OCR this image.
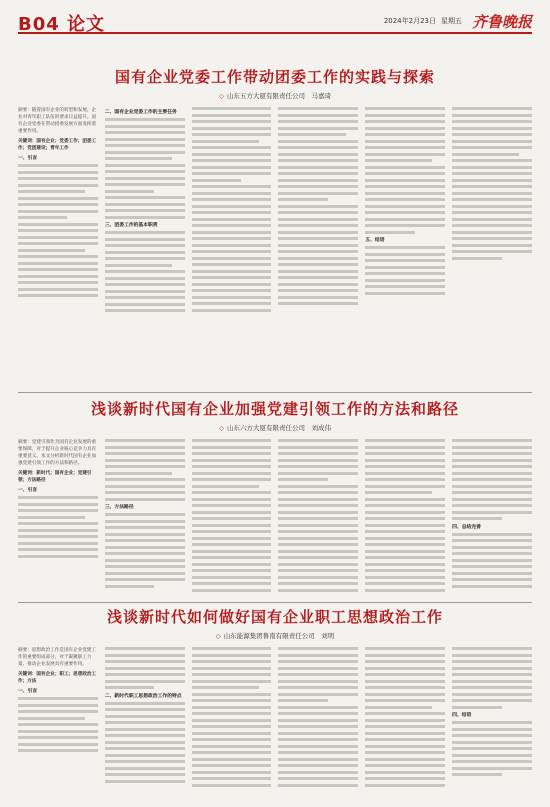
B04 论文	2024年2月23日 星期五 齐鲁晚报
国有企业党委工作带动团委工作的实践与探索
◇ 山东五方大厦有限责任公司　马嘉琦
摘要：随着国有企业的转型和发展，企业对青年职工队伍的要求日益提升。国有企业党委在带动团委发展方面发挥着重要作用。
关键词：国有企业；党委工作；团委工作；党团建设；青年工作
一、引言
二、国有企业党委工作的主要任务
三、团委工作的基本职责
五、结语
浅谈新时代国有企业加强党建引领工作的方法和路径
◇ 山东六方大厦有限责任公司　刘成伟
摘要：党建引领作为国有企业发展的重要保障，对于提升企业核心竞争力具有重要意义。本文分析新时代国有企业加强党建引领工作的方法和路径。
关键词：新时代；国有企业；党建引领；方法路径
一、引言
三、方法路径
四、总结完善
浅谈新时代如何做好国有企业职工思想政治工作
◇ 山东能源集团鲁南有限责任公司　刘明
摘要：思想政治工作是国有企业党建工作的重要组成部分，对于凝聚职工力量、推动企业发展具有重要作用。
关键词：国有企业；职工；思想政治工作；方法
一、引言
二、新时代职工思想政治工作的特点
四、结语
